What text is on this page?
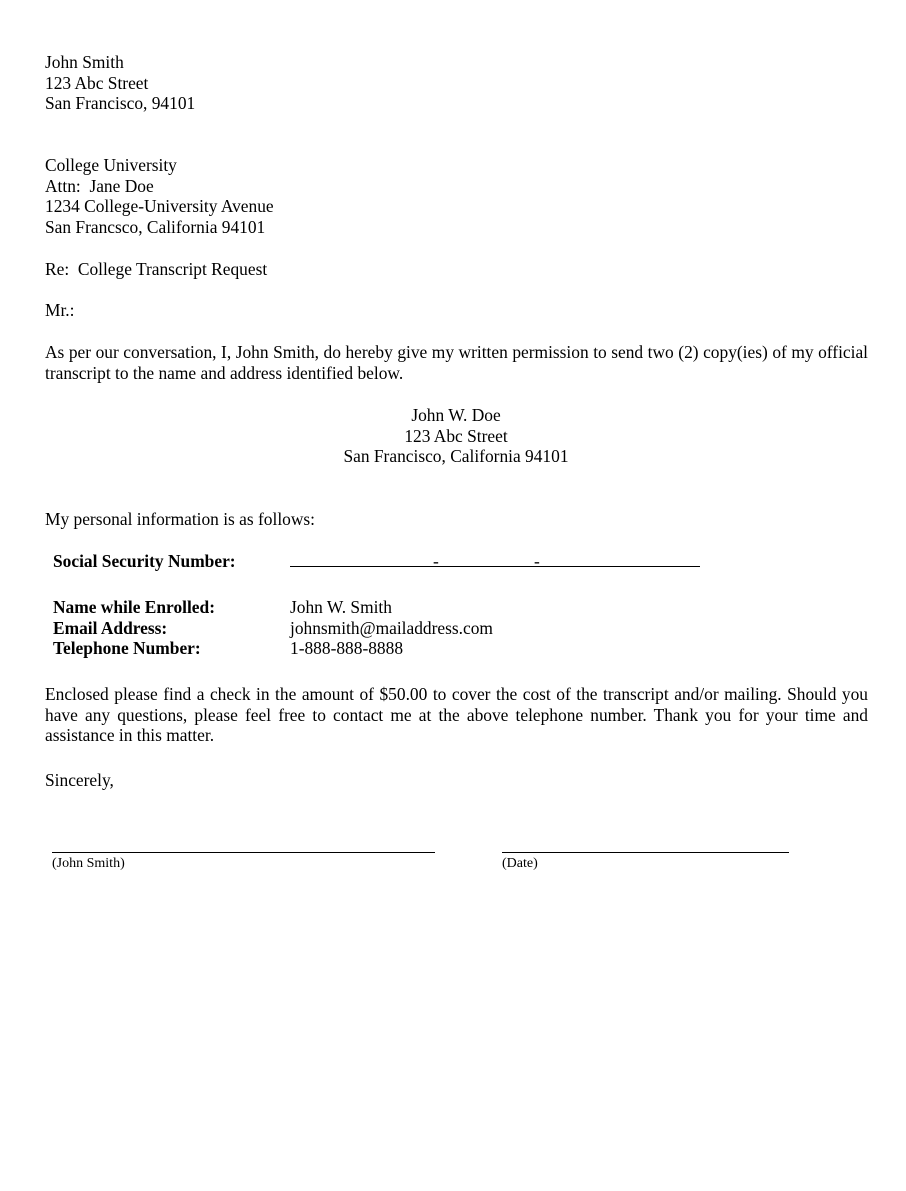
John Smith
123 Abc Street
San Francisco, 94101
College University
Attn:  Jane Doe
1234 College-University Avenue
San Francsco, California 94101
Re:  College Transcript Request
Mr.:
As per our conversation, I, John Smith, do hereby give my written permission to send two (2) copy(ies) of my official transcript to the name and address identified below.
John W. Doe
123 Abc Street
San Francisco, California 94101
My personal information is as follows:
Social Security Number:	-	-
Name while Enrolled:	John W. Smith
Email Address:	johnsmith@mailaddress.com
Telephone Number:	1-888-888-8888
Enclosed please find a check in the amount of $50.00 to cover the cost of the transcript and/or mailing. Should you have any questions, please feel free to contact me at the above telephone number. Thank you for your time and assistance in this matter.
Sincerely,
(John Smith)	(Date)
